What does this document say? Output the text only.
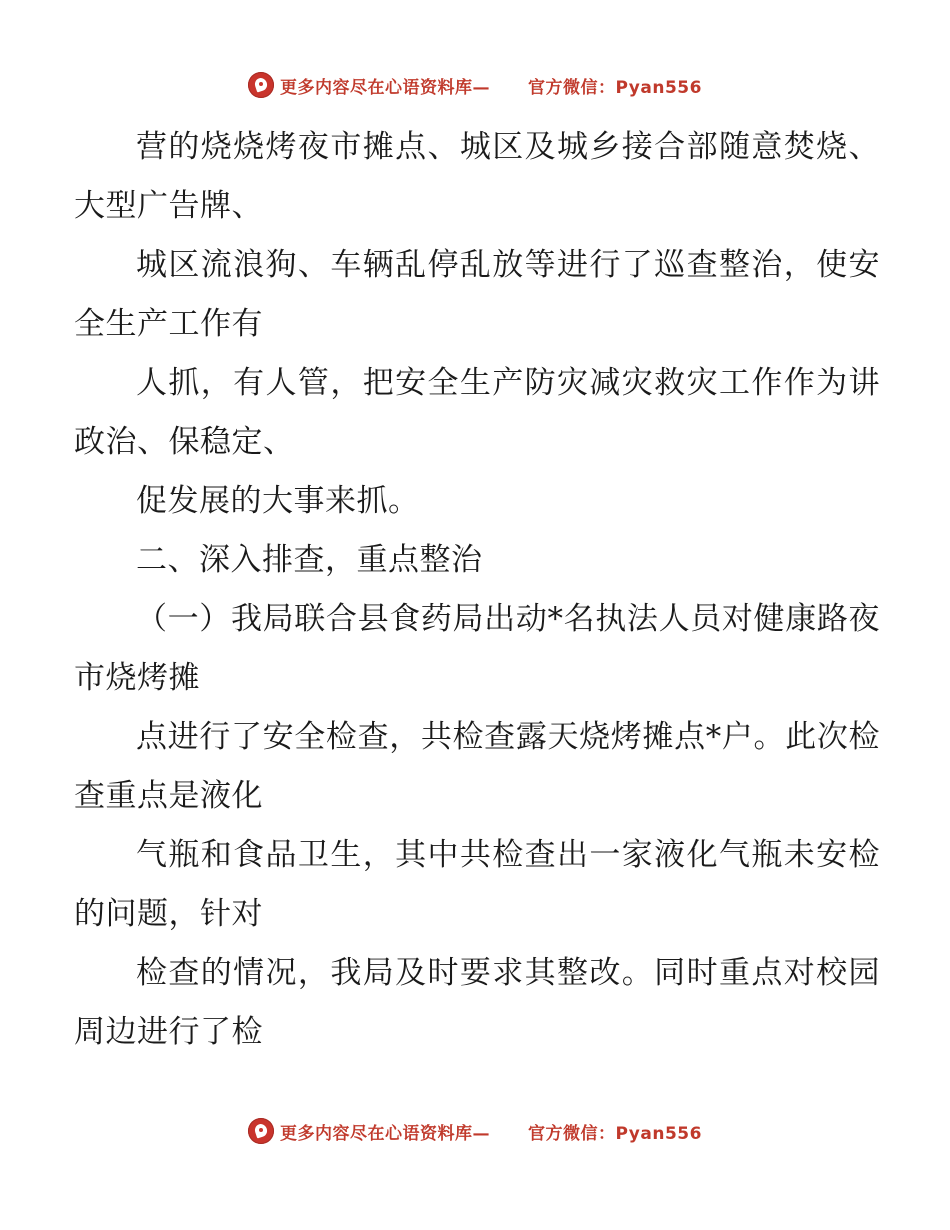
更多内容尽在心语资料库— 官方微信：Pyan556

营的烧烧烤夜市摊点、城区及城乡接合部随意焚烧、大型广告牌、

城区流浪狗、车辆乱停乱放等进行了巡查整治，使安全生产工作有

人抓，有人管，把安全生产防灾减灾救灾工作作为讲政治、保稳定、

促发展的大事来抓。

二、深入排查，重点整治

（一）我局联合县食药局出动*名执法人员对健康路夜市烧烤摊

点进行了安全检查，共检查露天烧烤摊点*户。此次检查重点是液化

气瓶和食品卫生，其中共检查出一家液化气瓶未安检的问题，针对

检查的情况，我局及时要求其整改。同时重点对校园周边进行了检

更多内容尽在心语资料库— 官方微信：Pyan556
